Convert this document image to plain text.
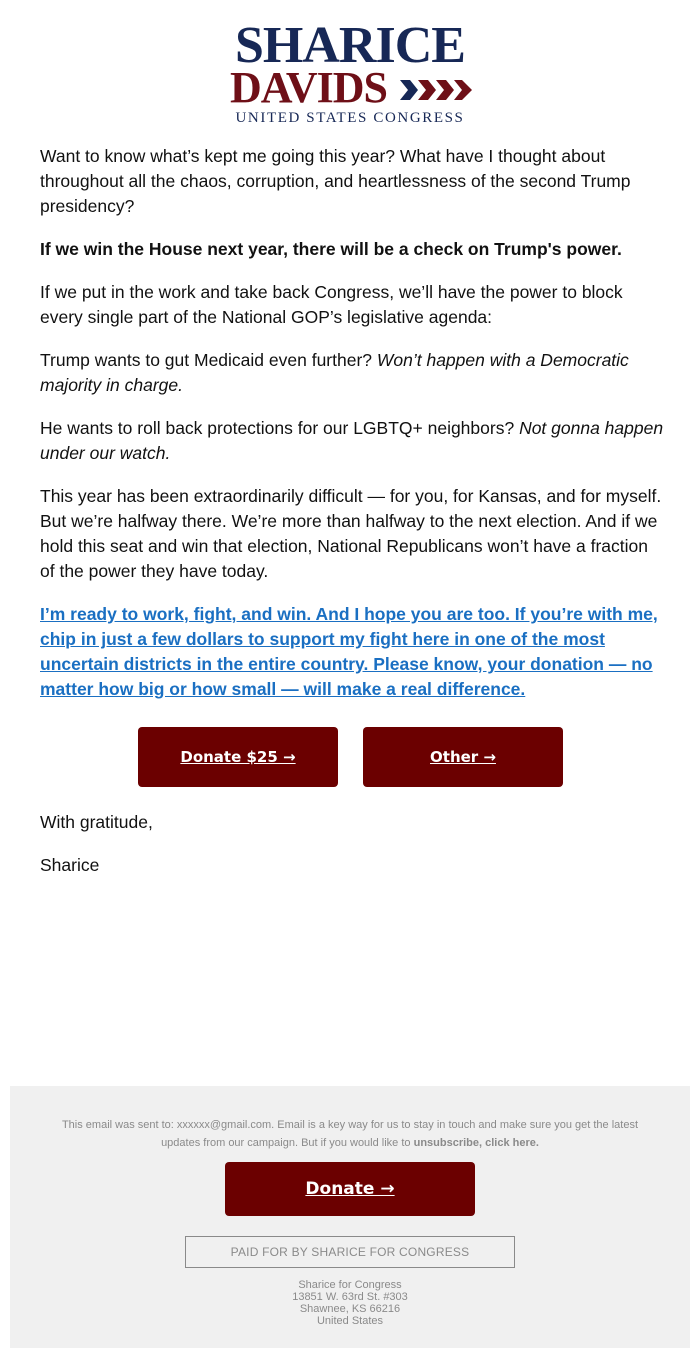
SHARICE
DAVIDS
UNITED STATES CONGRESS

Want to know what’s kept me going this year? What have I thought about throughout all the chaos, corruption, and heartlessness of the second Trump presidency?

If we win the House next year, there will be a check on Trump's power.

If we put in the work and take back Congress, we’ll have the power to block every single part of the National GOP’s legislative agenda:

Trump wants to gut Medicaid even further? Won’t happen with a Democratic majority in charge.

He wants to roll back protections for our LGBTQ+ neighbors? Not gonna happen under our watch.

This year has been extraordinarily difficult — for you, for Kansas, and for myself. But we’re halfway there. We’re more than halfway to the next election. And if we hold this seat and win that election, National Republicans won’t have a fraction of the power they have today.

I’m ready to work, fight, and win. And I hope you are too. If you’re with me, chip in just a few dollars to support my fight here in one of the most uncertain districts in the entire country. Please know, your donation — no matter how big or how small — will make a real difference.

Donate $25 →	Other →

With gratitude,

Sharice

This email was sent to: xxxxxx@gmail.com. Email is a key way for us to stay in touch and make sure you get the latest updates from our campaign. But if you would like to unsubscribe, click here.
Donate →
PAID FOR BY SHARICE FOR CONGRESS
Sharice for Congress
13851 W. 63rd St. #303
Shawnee, KS 66216
United States
